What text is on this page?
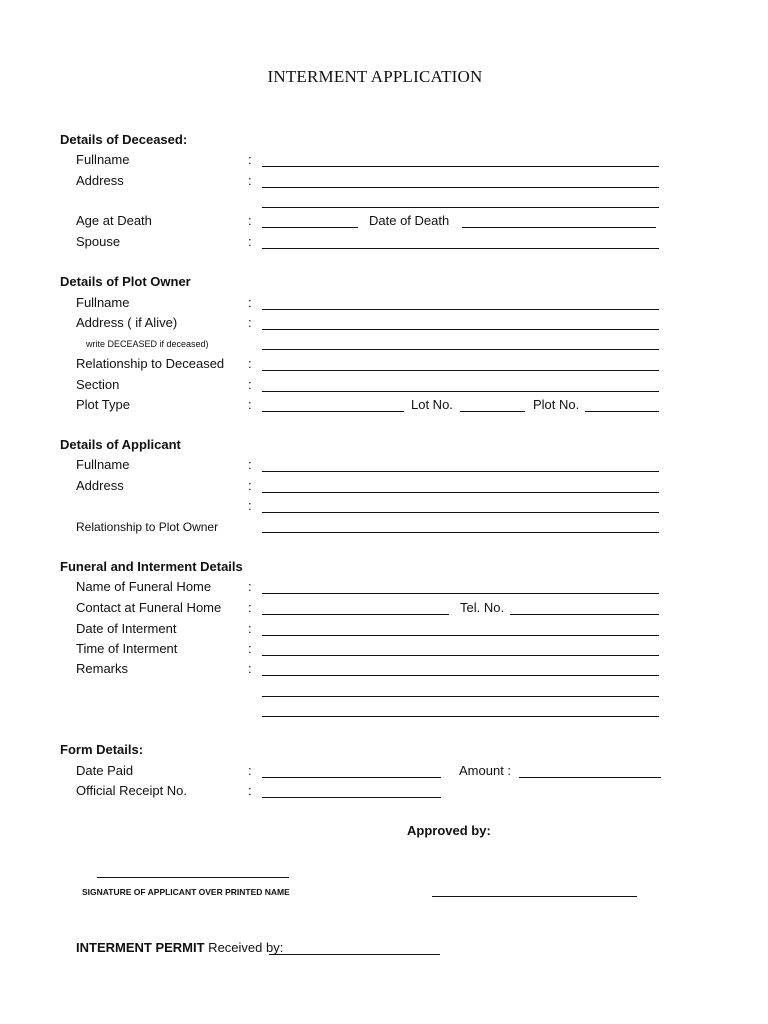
INTERMENT APPLICATION
Details of Deceased:
Fullname	:
Address	:
Age at Death	:	Date of Death
Spouse	:
Details of Plot Owner
Fullname	:
Address ( if Alive)	:
write DECEASED if deceased)
Relationship to Deceased :
Section	:
Plot Type	:	Lot No.	Plot No.
Details of Applicant
Fullname	:
Address	:
:
Relationship to Plot Owner
Funeral and Interment Details
Name of Funeral Home	:
Contact at Funeral Home :	Tel. No.
Date of Interment	:
Time of Interment	:
Remarks	:
Form Details:
Date Paid	:	Amount :
Official Receipt No.	:
Approved by:
SIGNATURE OF APPLICANT OVER PRINTED NAME
INTERMENT PERMIT Received by:
